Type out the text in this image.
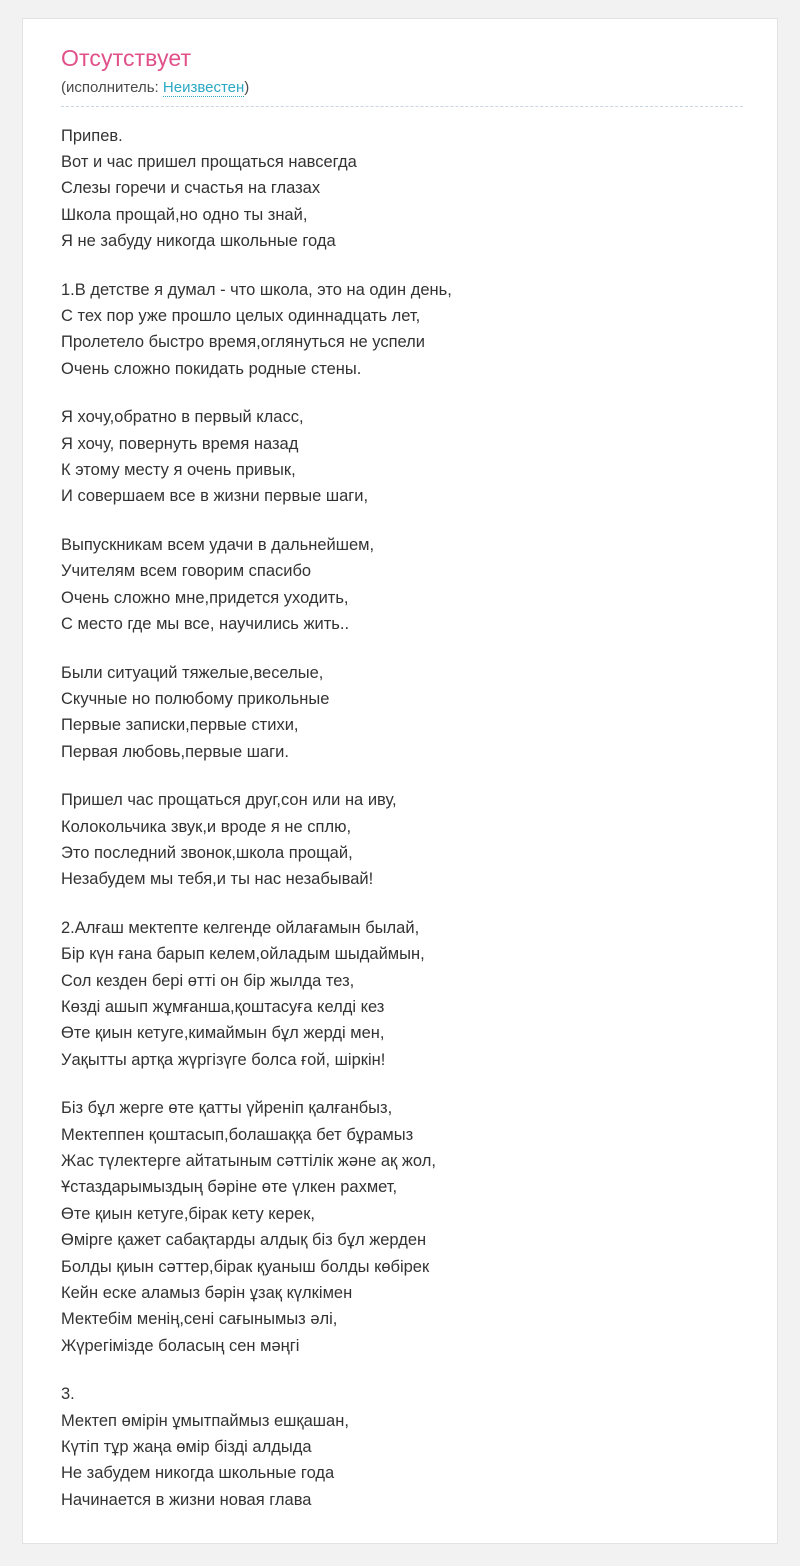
Отсутствует
(исполнитель: Неизвестен)

Припев.
Вот и час пришел прощаться навсегда
Слезы горечи и счастья на глазах
Школа прощай,но одно ты знай,
Я не забуду никогда школьные года

1.В детстве я думал - что школа, это на один день,
С тех пор уже прошло целых одиннадцать лет,
Пролетело быстро время,оглянуться не успели
Очень сложно покидать родные стены.

Я хочу,обратно в первый класс,
Я хочу, повернуть время назад
К этому месту я очень привык,
И совершаем все в жизни первые шаги,

Выпускникам всем удачи в дальнейшем,
Учителям всем говорим спасибо
Очень сложно мне,придется уходить,
С место где мы все, научились жить..

Были ситуаций тяжелые,веселые,
Скучные но полюбому прикольные
Первые записки,первые стихи,
Первая любовь,первые шаги.

Пришел час прощаться друг,сон или на иву,
Колокольчика звук,и вроде я не сплю,
Это последний звонок,школа прощай,
Незабудем мы тебя,и ты нас незабывай!

2.Алғаш мектепте келгенде ойлағамын былай,
Бір күн ғана барып келем,ойладым шыдаймын,
Сол кезден бері өтті он бір жылда тез,
Көзді ашып жұмғанша,қоштасуға келді кез
Өте қиын кетуге,кимаймын бұл жерді мен,
Уақытты артқа жүргізүге болса ғой, шіркін!

Біз бұл жерге өте қатты үйреніп қалғанбыз,
Мектеппен қоштасып,болашаққа бет бұрамыз
Жас түлектерге айтатыным сәттілік және ақ жол,
Ұстаздарымыздың бәріне өте үлкен рахмет,
Өте қиын кетуге,бірак кету керек,
Өмірге қажет сабақтарды алдық біз бұл жерден
Болды қиын сәттер,бірак қуаныш болды көбірек
Кейн еске аламыз бәрін ұзақ күлкімен
Мектебім менің,сені сағынымыз әлі,
Жүрегімізде боласың сен мәңгі

3.
Мектеп өмірін ұмытпаймыз ешқашан,
Күтіп тұр жаңа өмір бізді алдыда
Не забудем никогда школьные года
Начинается в жизни новая глава
